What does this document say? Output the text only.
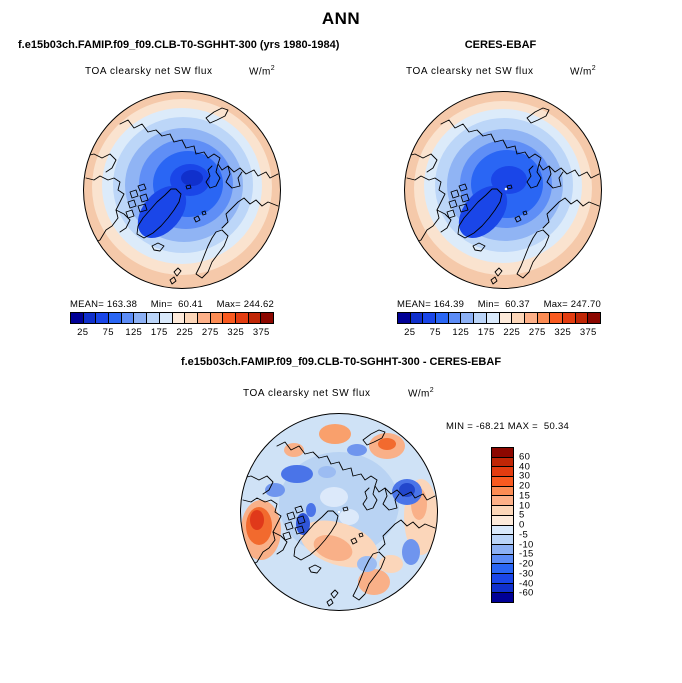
ANN
f.e15b03ch.FAMIP.f09_f09.CLB-T0-SGHHT-300 (yrs 1980-1984)	CERES-EBAF
TOA clearsky net SW flux	$W/m^2$	TOA clearsky net SW flux	$W/m^2$
MEAN= 163.38 Min=  60.41 Max= 244.62	MEAN= 164.39 Min=  60.37 Max= 247.70
25 75 125 175 225 275 325 375	25 75 125 175 225 275 325 375
f.e15b03ch.FAMIP.f09_f09.CLB-T0-SGHHT-300 - CERES-EBAF
TOA clearsky net SW flux	$W/m^2$
MIN = -68.21 MAX =  50.34
60
40
30
20
15
10
5
0
-5
-10
-15
-20
-30
-40
-60
